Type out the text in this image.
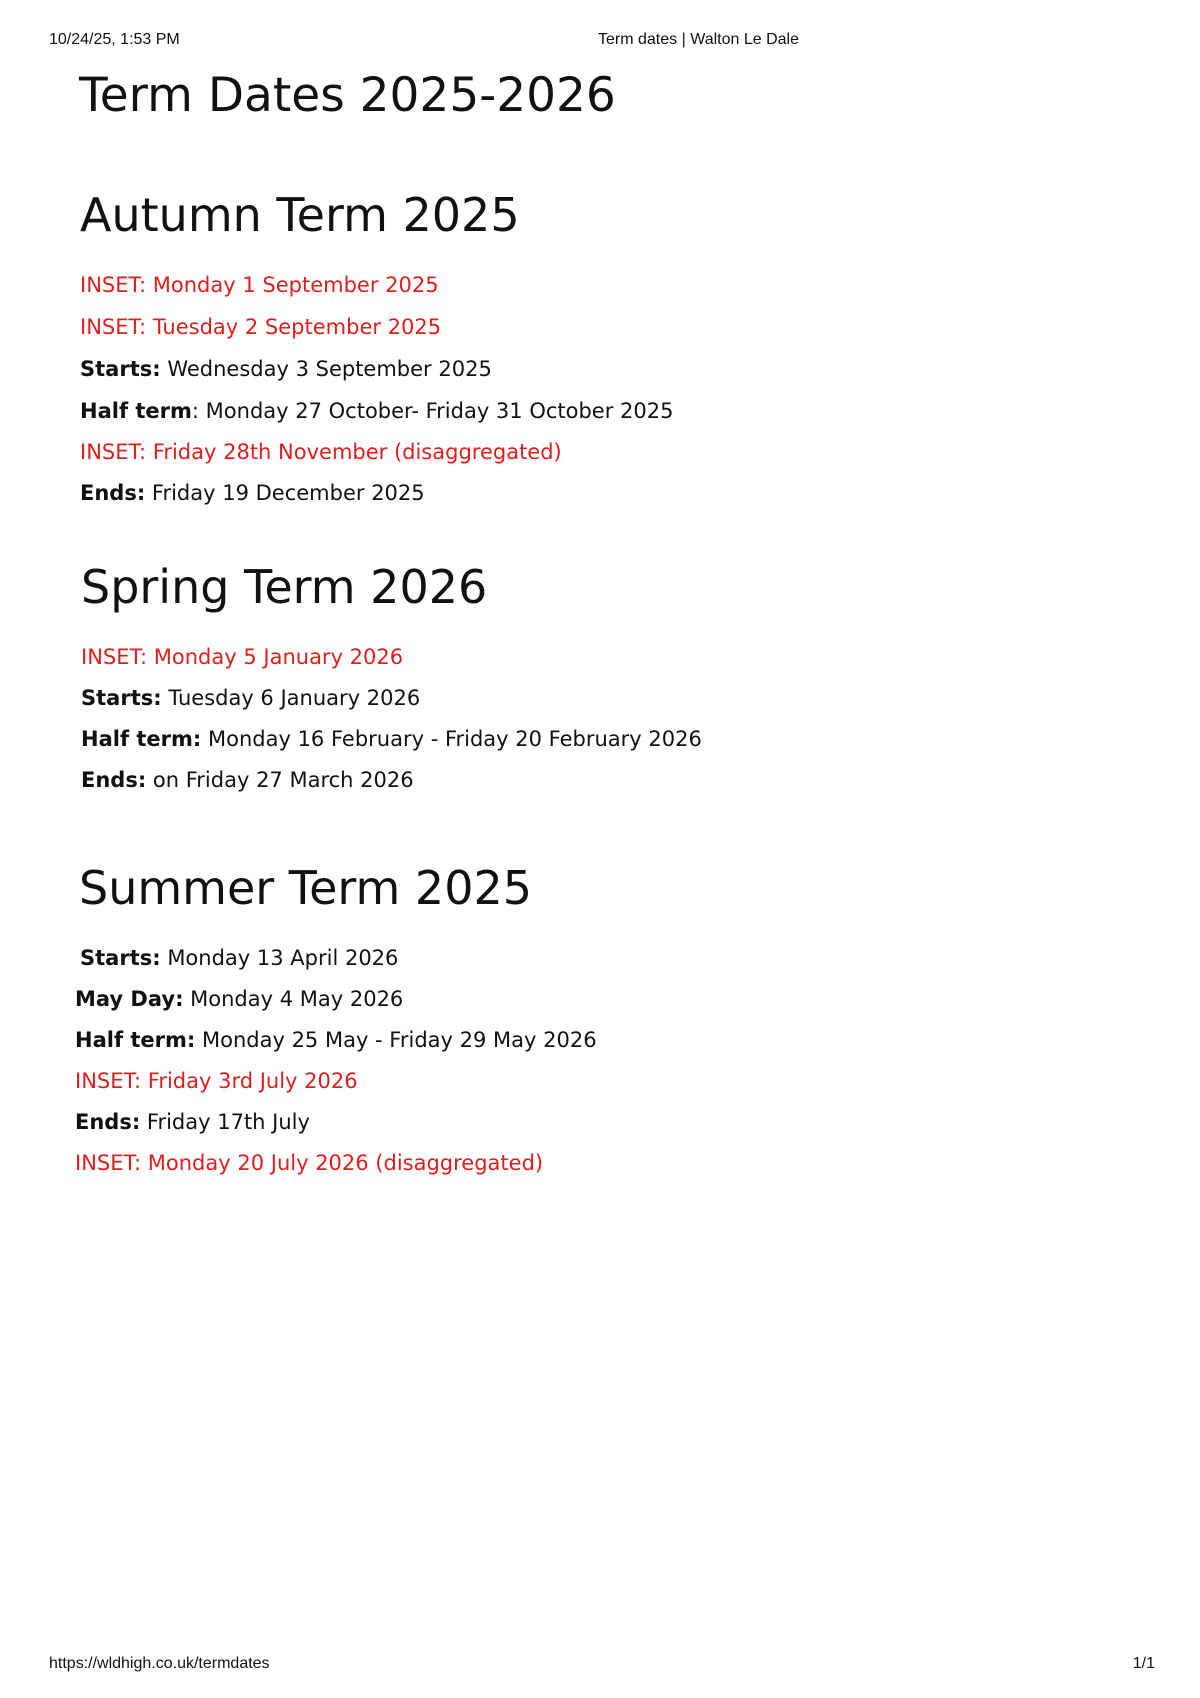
10/24/25, 1:53 PM	Term dates | Walton Le Dale
Term Dates 2025-2026
Autumn Term 2025

INSET: Monday 1 September 2025

INSET: Tuesday 2 September 2025

Starts: Wednesday 3 September 2025

Half term: Monday 27 October- Friday 31 October 2025

INSET: Friday 28th November (disaggregated)

Ends: Friday 19 December 2025

Spring Term 2026

INSET: Monday 5 January 2026

Starts: Tuesday 6 January 2026

Half term: Monday 16 February - Friday 20 February 2026

Ends: on Friday 27 March 2026

Summer Term 2025

Starts: Monday 13 April 2026

May Day: Monday 4 May 2026

Half term: Monday 25 May - Friday 29 May 2026

INSET: Friday 3rd July 2026

Ends: Friday 17th July

INSET: Monday 20 July 2026 (disaggregated)

https://wldhigh.co.uk/termdates	1/1
